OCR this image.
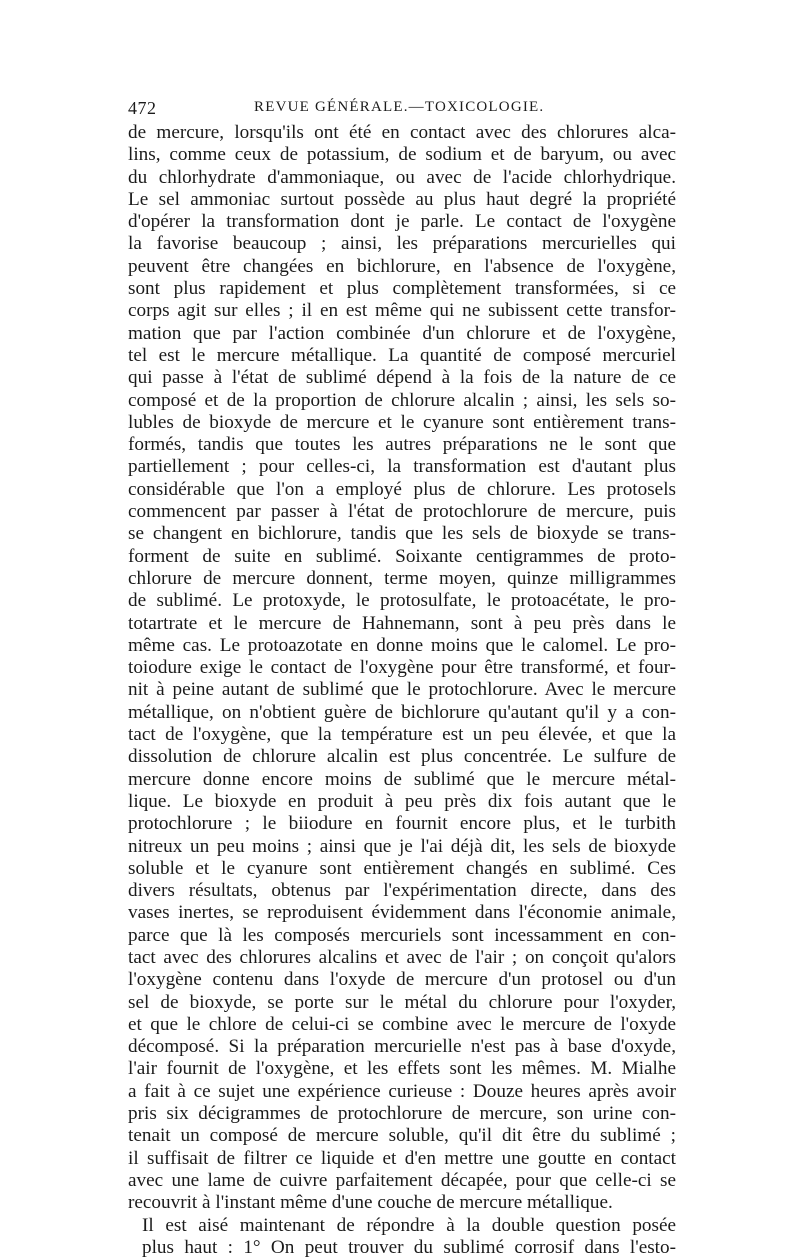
472	REVUE GÉNÉRALE.—TOXICOLOGIE.

de mercure, lorsqu'ils ont été en contact avec des chlorures alca-
lins, comme ceux de potassium, de sodium et de baryum, ou avec
du chlorhydrate d'ammoniaque, ou avec de l'acide chlorhydrique.
Le sel ammoniac surtout possède au plus haut degré la propriété
d'opérer la transformation dont je parle. Le contact de l'oxygène
la favorise beaucoup ; ainsi, les préparations mercurielles qui
peuvent être changées en bichlorure, en l'absence de l'oxygène,
sont plus rapidement et plus complètement transformées, si ce
corps agit sur elles ; il en est même qui ne subissent cette transfor-
mation que par l'action combinée d'un chlorure et de l'oxygène,
tel est le mercure métallique. La quantité de composé mercuriel
qui passe à l'état de sublimé dépend à la fois de la nature de ce
composé et de la proportion de chlorure alcalin ; ainsi, les sels so-
lubles de bioxyde de mercure et le cyanure sont entièrement trans-
formés, tandis que toutes les autres préparations ne le sont que
partiellement ; pour celles-ci, la transformation est d'autant plus
considérable que l'on a employé plus de chlorure. Les protosels
commencent par passer à l'état de protochlorure de mercure, puis
se changent en bichlorure, tandis que les sels de bioxyde se trans-
forment de suite en sublimé. Soixante centigrammes de proto-
chlorure de mercure donnent, terme moyen, quinze milligrammes
de sublimé. Le protoxyde, le protosulfate, le protoacétate, le pro-
totartrate et le mercure de Hahnemann, sont à peu près dans le
même cas. Le protoazotate en donne moins que le calomel. Le pro-
toiodure exige le contact de l'oxygène pour être transformé, et four-
nit à peine autant de sublimé que le protochlorure. Avec le mercure
métallique, on n'obtient guère de bichlorure qu'autant qu'il y a con-
tact de l'oxygène, que la température est un peu élevée, et que la
dissolution de chlorure alcalin est plus concentrée. Le sulfure de
mercure donne encore moins de sublimé que le mercure métal-
lique. Le bioxyde en produit à peu près dix fois autant que le
protochlorure ; le biiodure en fournit encore plus, et le turbith
nitreux un peu moins ; ainsi que je l'ai déjà dit, les sels de bioxyde
soluble et le cyanure sont entièrement changés en sublimé. Ces
divers résultats, obtenus par l'expérimentation directe, dans des
vases inertes, se reproduisent évidemment dans l'économie animale,
parce que là les composés mercuriels sont incessamment en con-
tact avec des chlorures alcalins et avec de l'air ; on conçoit qu'alors
l'oxygène contenu dans l'oxyde de mercure d'un protosel ou d'un
sel de bioxyde, se porte sur le métal du chlorure pour l'oxyder,
et que le chlore de celui-ci se combine avec le mercure de l'oxyde
décomposé. Si la préparation mercurielle n'est pas à base d'oxyde,
l'air fournit de l'oxygène, et les effets sont les mêmes. M. Mialhe
a fait à ce sujet une expérience curieuse : Douze heures après avoir
pris six décigrammes de protochlorure de mercure, son urine con-
tenait un composé de mercure soluble, qu'il dit être du sublimé ;
il suffisait de filtrer ce liquide et d'en mettre une goutte en contact
avec une lame de cuivre parfaitement décapée, pour que celle-ci se
recouvrit à l'instant même d'une couche de mercure métallique.

Il est aisé maintenant de répondre à la double question posée
plus haut : 1° On peut trouver du sublimé corrosif dans l'esto-
